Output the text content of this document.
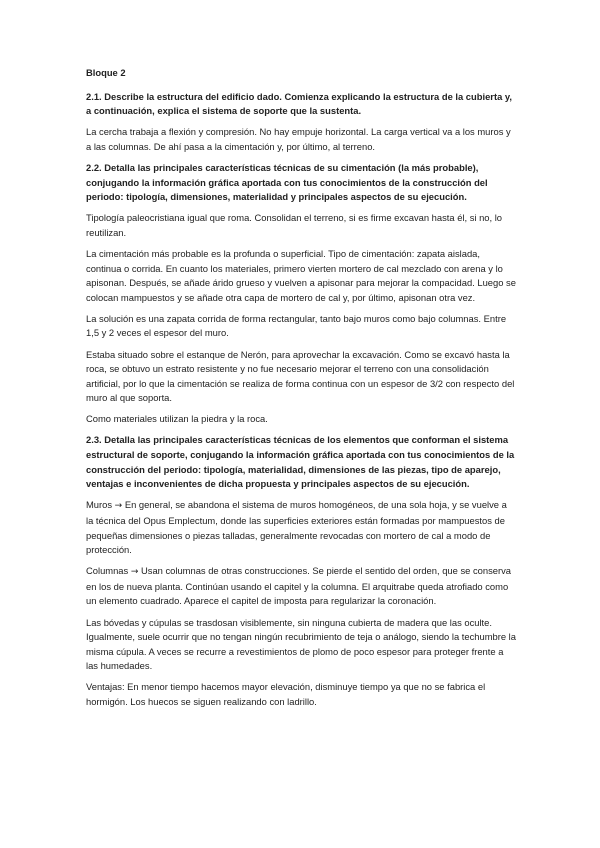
Bloque 2

2.1. Describe la estructura del edificio dado. Comienza explicando la estructura de la cubierta y, a continuación, explica el sistema de soporte que la sustenta.

La cercha trabaja a flexión y compresión. No hay empuje horizontal. La carga vertical va a los muros y a las columnas. De ahí pasa a la cimentación y, por último, al terreno.

2.2. Detalla las principales características técnicas de su cimentación (la más probable), conjugando la información gráfica aportada con tus conocimientos de la construcción del periodo: tipología, dimensiones, materialidad y principales aspectos de su ejecución.

Tipología paleocristiana igual que roma. Consolidan el terreno, si es firme excavan hasta él, si no, lo reutilizan.

La cimentación más probable es la profunda o superficial. Tipo de cimentación: zapata aislada, continua o corrida. En cuanto los materiales, primero vierten mortero de cal mezclado con arena y lo apisonan. Después, se añade árido grueso y vuelven a apisonar para mejorar la compacidad. Luego se colocan mampuestos y se añade otra capa de mortero de cal y, por último, apisonan otra vez.

La solución es una zapata corrida de forma rectangular, tanto bajo muros como bajo columnas. Entre 1,5 y 2 veces el espesor del muro.

Estaba situado sobre el estanque de Nerón, para aprovechar la excavación. Como se excavó hasta la roca, se obtuvo un estrato resistente y no fue necesario mejorar el terreno con una consolidación artificial, por lo que la cimentación se realiza de forma continua con un espesor de 3/2 con respecto del muro al que soporta.

Como materiales utilizan la piedra y la roca.

2.3. Detalla las principales características técnicas de los elementos que conforman el sistema estructural de soporte, conjugando la información gráfica aportada con tus conocimientos de la construcción del periodo: tipología, materialidad, dimensiones de las piezas, tipo de aparejo, ventajas e inconvenientes de dicha propuesta y principales aspectos de su ejecución.

Muros → En general, se abandona el sistema de muros homogéneos, de una sola hoja, y se vuelve a la técnica del Opus Emplectum, donde las superficies exteriores están formadas por mampuestos de pequeñas dimensiones o piezas talladas, generalmente revocadas con mortero de cal a modo de protección.

Columnas → Usan columnas de otras construcciones. Se pierde el sentido del orden, que se conserva en los de nueva planta. Continúan usando el capitel y la columna. El arquitrabe queda atrofiado como un elemento cuadrado. Aparece el capitel de imposta para regularizar la coronación.

Las bóvedas y cúpulas se trasdosan visiblemente, sin ninguna cubierta de madera que las oculte. Igualmente, suele ocurrir que no tengan ningún recubrimiento de teja o análogo, siendo la techumbre la misma cúpula. A veces se recurre a revestimientos de plomo de poco espesor para proteger frente a las humedades.

Ventajas: En menor tiempo hacemos mayor elevación, disminuye tiempo ya que no se fabrica el hormigón. Los huecos se siguen realizando con ladrillo.
